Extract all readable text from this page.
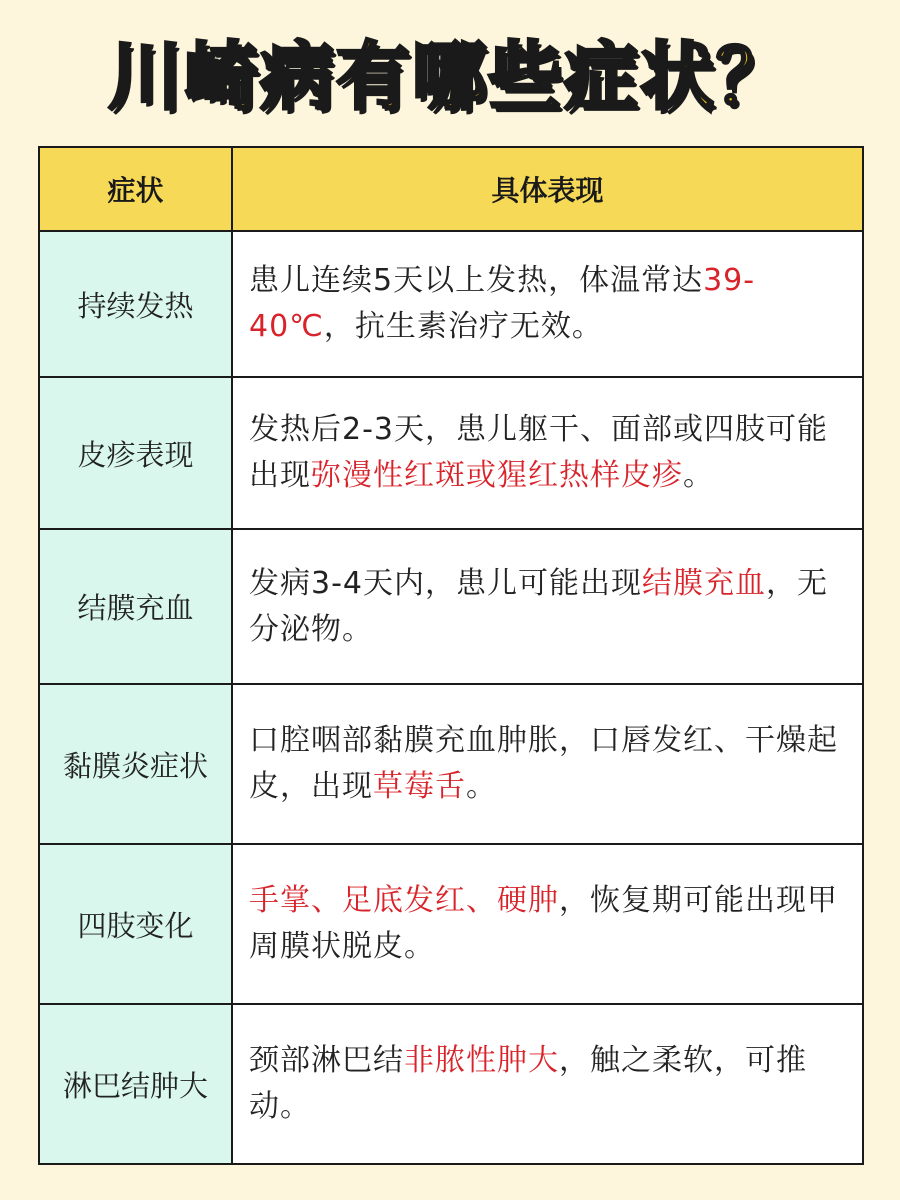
川崎病有哪些症状？
症状	具体表现
持续发热	患儿连续5天以上发热，体温常达39-40℃，抗生素治疗无效。
皮疹表现	发热后2-3天，患儿躯干、面部或四肢可能出现弥漫性红斑或猩红热样皮疹。
结膜充血	发病3-4天内，患儿可能出现结膜充血，无分泌物。
黏膜炎症状	口腔咽部黏膜充血肿胀，口唇发红、干燥起皮，出现草莓舌。
四肢变化	手掌、足底发红、硬肿，恢复期可能出现甲周膜状脱皮。
淋巴结肿大	颈部淋巴结非脓性肿大，触之柔软，可推动。
